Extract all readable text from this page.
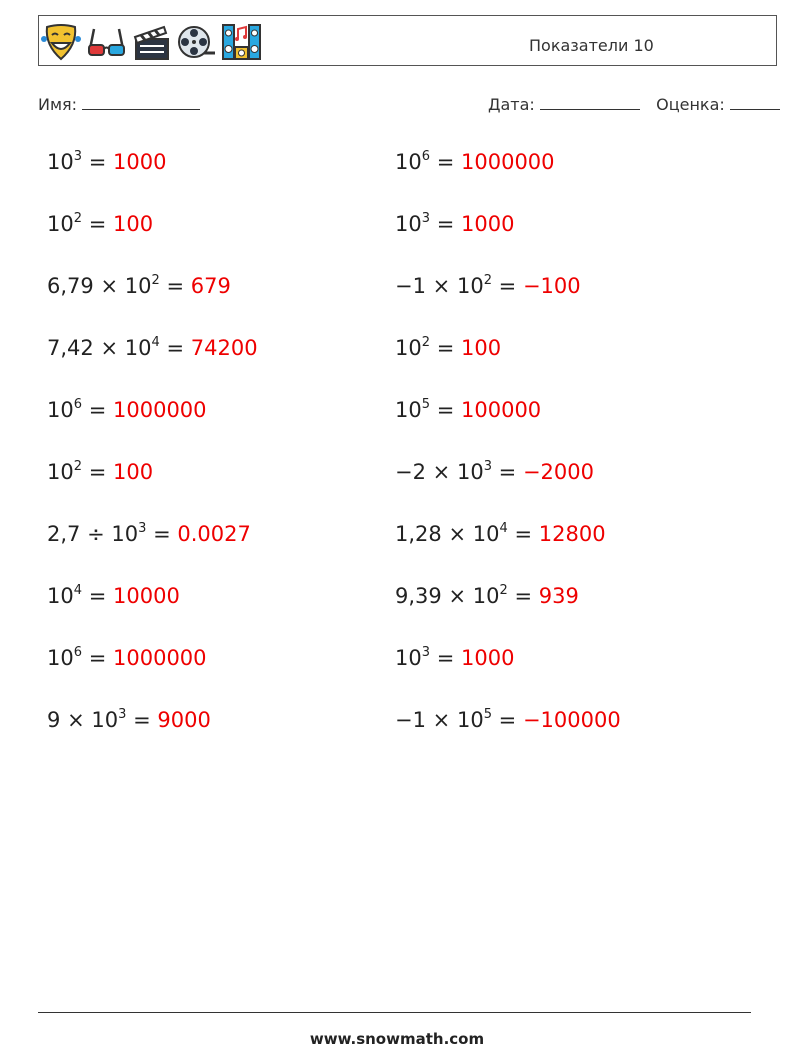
Показатели 10
Имя:	Дата:	Оценка:
$10^3 = 1000$	$10^6 = 1000000$
$10^2 = 100$	$10^3 = 1000$
$6,79 \times 10^2 = 679$	$-1 \times 10^2 = -100$
$7,42 \times 10^4 = 74200$	$10^2 = 100$
$10^6 = 1000000$	$10^5 = 100000$
$10^2 = 100$	$-2 \times 10^3 = -2000$
$2,7 \div 10^3 = 0.0027$	$1,28 \times 10^4 = 12800$
$10^4 = 10000$	$9,39 \times 10^2 = 939$
$10^6 = 1000000$	$10^3 = 1000$
$9 \times 10^3 = 9000$	$-1 \times 10^5 = -100000$
www.snowmath.com
